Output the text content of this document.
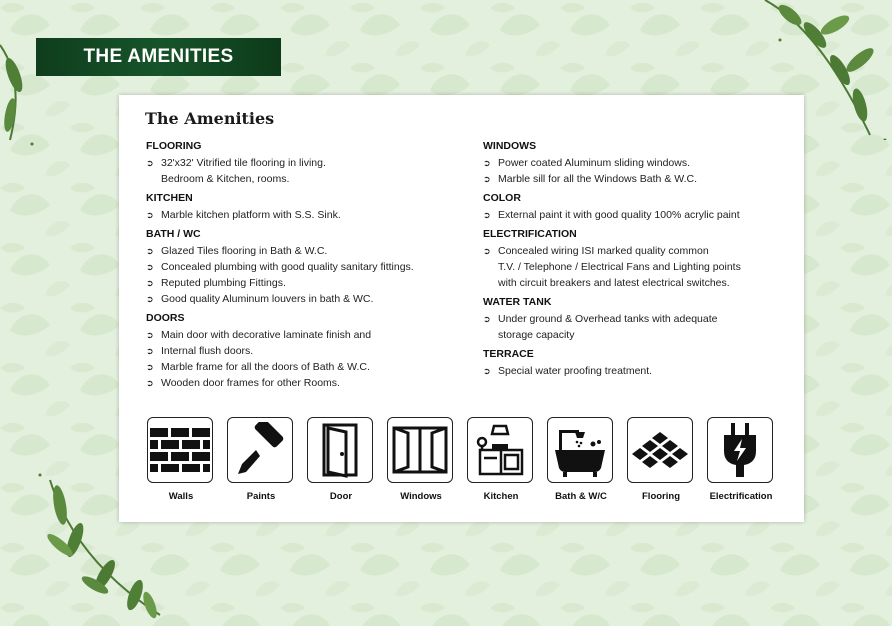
THE AMENITIES
The Amenities
FLOORING
➲ 32'x32' Vitrified tile flooring in living.
Bedroom & Kitchen, rooms.
KITCHEN
➲ Marble kitchen platform with S.S. Sink.
BATH / WC
➲ Glazed Tiles flooring in Bath & W.C.
➲ Concealed plumbing with good quality sanitary fittings.
➲ Reputed plumbing Fittings.
➲ Good quality Aluminum louvers in bath & WC.
DOORS
➲ Main door with decorative laminate finish and
➲ Internal flush doors.
➲ Marble frame for all the doors of Bath & W.C.
➲ Wooden door frames for other Rooms.
WINDOWS
➲ Power coated Aluminum sliding windows.
➲ Marble sill for all the Windows Bath & W.C.
COLOR
➲ External paint it with good quality 100% acrylic paint
ELECTRIFICATION
➲ Concealed wiring ISI marked quality common
T.V. / Telephone / Electrical Fans and Lighting points
with circuit breakers and latest electrical switches.
WATER TANK
➲ Under ground & Overhead tanks with adequate
storage capacity
TERRACE
➲ Special water proofing treatment.
Walls	Paints	Door	Windows	Kitchen	Bath & W/C	Flooring	Electrification
